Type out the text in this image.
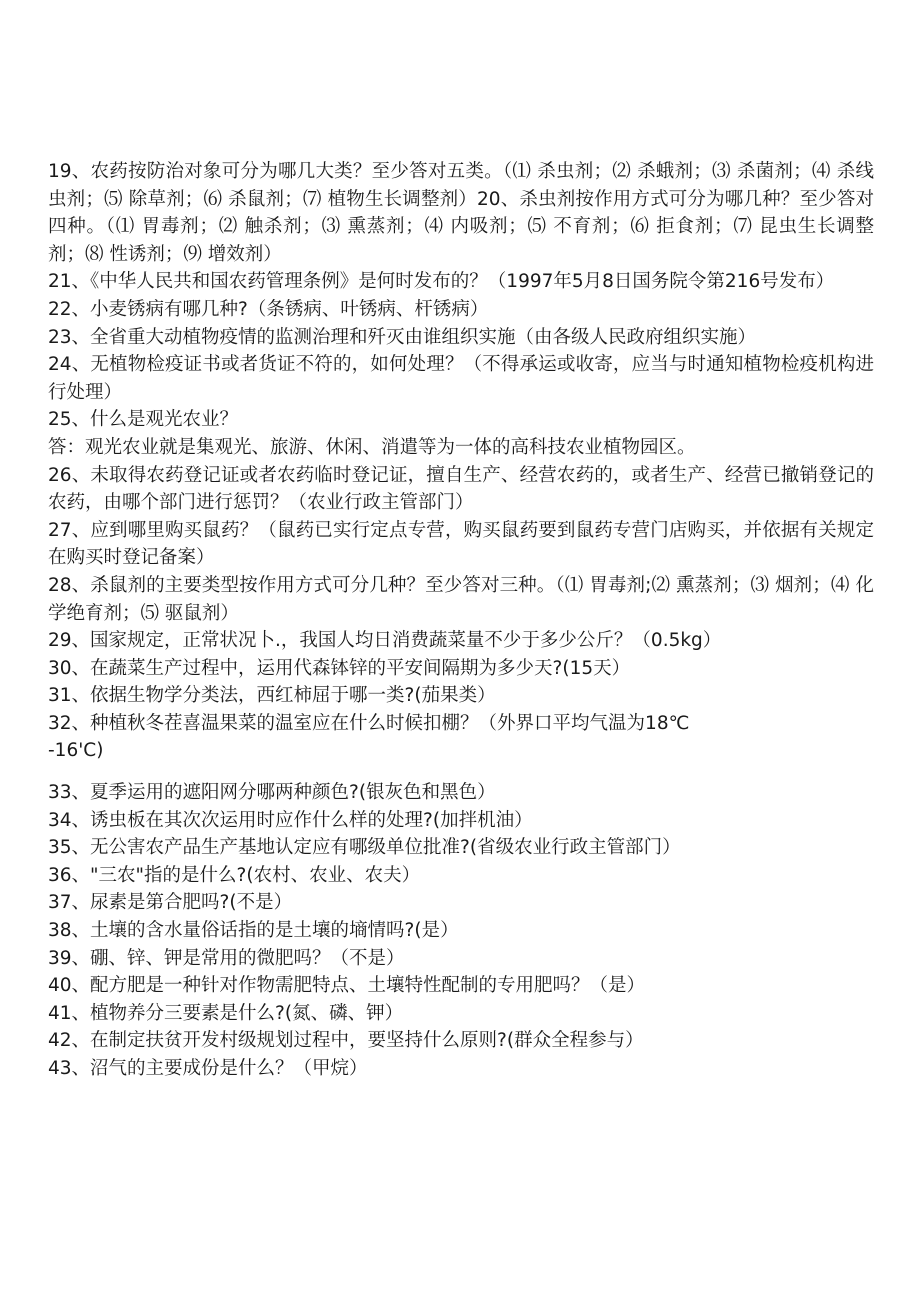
19、农药按防治对象可分为哪几大类？至少答对五类。（⑴ 杀虫剂；⑵ 杀蛾剂；⑶ 杀菌剂；⑷ 杀线虫剂；⑸ 除草剂；⑹ 杀鼠剂；⑺ 植物生长调整剂）20、杀虫剂按作用方式可分为哪几种？至少答对四种。（⑴ 胃毒剂；⑵ 触杀剂；⑶ 熏蒸剂；⑷ 内吸剂；⑸ 不育剂；⑹ 拒食剂；⑺ 昆虫生长调整剂；⑻ 性诱剂；⑼ 增效剂）

21、《中华人民共和国农药管理条例》是何时发布的？（1997年5月8日国务院令第216号发布）

22、小麦锈病有哪几种?（条锈病、叶锈病、杆锈病）

23、全省重大动植物疫情的监测治理和歼灭由谁组织实施（由各级人民政府组织实施）

24、无植物检疫证书或者货证不符的，如何处理？（不得承运或收寄，应当与时通知植物检疫机构进行处理）

25、什么是观光农业？

答：观光农业就是集观光、旅游、休闲、消遣等为一体的高科技农业植物园区。

26、未取得农药登记证或者农药临时登记证，擅自生产、经营农药的，或者生产、经营已撤销登记的农药，由哪个部门进行惩罚？（农业行政主管部门）

27、应到哪里购买鼠药？（鼠药已实行定点专营，购买鼠药要到鼠药专营门店购买，并依据有关规定在购买时登记备案）

28、杀鼠剂的主要类型按作用方式可分几种？至少答对三种。（⑴ 胃毒剂;⑵ 熏蒸剂；⑶ 烟剂；⑷ 化学绝育剂；⑸ 驱鼠剂）

29、国家规定，正常状况卜.，我国人均日消费蔬菜量不少于多少公斤？（0.5kg）

30、在蔬菜生产过程中，运用代森钵锌的平安间隔期为多少天?(15天）

31、依据生物学分类法，西红柿屈于哪一类?(茄果类）

32、种植秋冬茬喜温果菜的温室应在什么时候扣棚？（外界口平均气温为18℃

-16'C)

33、夏季运用的遮阳网分哪两种颜色?(银灰色和黑色）

34、诱虫板在其次次运用时应作什么样的处理?(加拌机油）

35、无公害农产品生产基地认定应有哪级单位批准?(省级农业行政主管部门）

36、"三农"指的是什么?(农村、农业、农夫）

37、尿素是第合肥吗?(不是）

38、土壤的含水量俗话指的是土壤的墒情吗?(是）

39、硼、锌、钾是常用的微肥吗？（不是）

40、配方肥是一种针对作物需肥特点、土壤特性配制的专用肥吗？（是）

41、植物养分三要素是什么?(氮、磷、钾）

42、在制定扶贫开发村级规划过程中，要坚持什么原则?(群众全程参与）

43、沼气的主要成份是什么？（甲烷）
